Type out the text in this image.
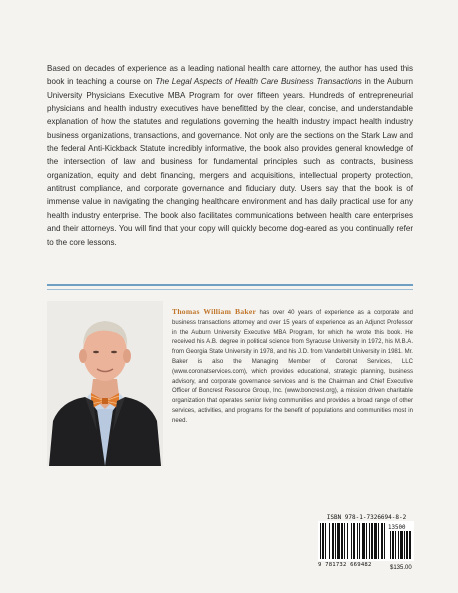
Based on decades of experience as a leading national health care attorney, the author has used this book in teaching a course on The Legal Aspects of Health Care Business Transactions in the Auburn University Physicians Executive MBA Program for over fifteen years. Hundreds of entrepreneurial physicians and health industry executives have benefitted by the clear, concise, and understandable explanation of how the statutes and regulations governing the health industry impact health industry business organizations, transactions, and governance. Not only are the sections on the Stark Law and the federal Anti-Kickback Statute incredibly informative, the book also provides general knowledge of the intersection of law and business for fundamental principles such as contracts, business organization, equity and debt financing, mergers and acquisitions, intellectual property protection, antitrust compliance, and corporate governance and fiduciary duty. Users say that the book is of immense value in navigating the changing healthcare environment and has daily practical use for any health industry enterprise. The book also facilitates communications between health care enterprises and their attorneys. You will find that your copy will quickly become dog-eared as you continually refer to the core lessons.

Thomas William Baker has over 40 years of experience as a corporate and business transactions attorney and over 15 years of experience as an Adjunct Professor in the Auburn University Executive MBA Program, for which he wrote this book. He received his A.B. degree in political science from Syracuse University in 1972, his M.B.A. from Georgia State University in 1978, and his J.D. from Vanderbilt University in 1981. Mr. Baker is also the Managing Member of Coronat Services, LLC (www.coronatservices.com), which provides educational, strategic planning, business advisory, and corporate governance services and is the Chairman and Chief Executive Officer of Boncrest Resource Group, Inc. (www.boncrest.org), a mission driven charitable organization that operates senior living communities and provides a broad range of other services, activities, and programs for the benefit of populations and communities most in need.

ISBN 978-1-7326694-8-2
13500
9 781732 669482	$135.00
